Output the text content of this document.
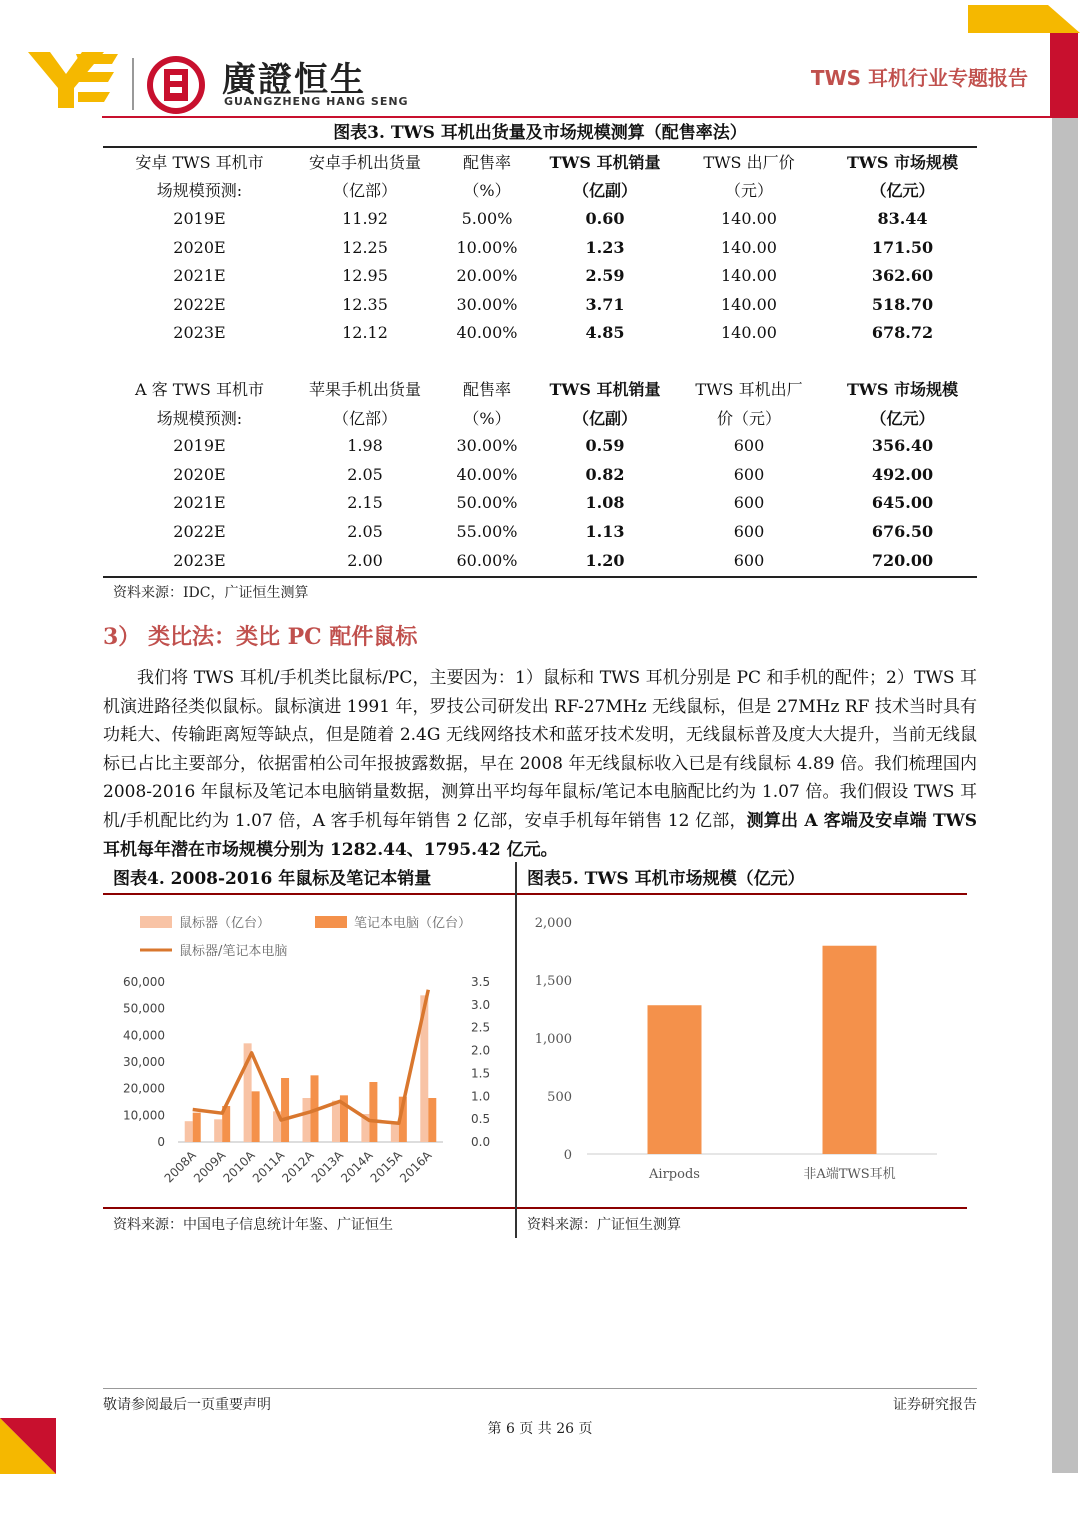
廣證恒生
GUANGZHENG HANG SENG
TWS 耳机行业专题报告
图表3. TWS 耳机出货量及市场规模测算（配售率法）
安卓 TWS 耳机市	安卓手机出货量	配售率	TWS 耳机销量	TWS 出厂价	TWS 市场规模
场规模预测:	（亿部）	（%）	（亿副）	（元）	（亿元）
2019E	11.92	5.00%	0.60	140.00	83.44
2020E	12.25	10.00%	1.23	140.00	171.50
2021E	12.95	20.00%	2.59	140.00	362.60
2022E	12.35	30.00%	3.71	140.00	518.70
2023E	12.12	40.00%	4.85	140.00	678.72

A 客 TWS 耳机市	苹果手机出货量	配售率	TWS 耳机销量	TWS 耳机出厂	TWS 市场规模
场规模预测:	（亿部）	（%）	（亿副）	价（元）	（亿元）
2019E	1.98	30.00%	0.59	600	356.40
2020E	2.05	40.00%	0.82	600	492.00
2021E	2.15	50.00%	1.08	600	645.00
2022E	2.05	55.00%	1.13	600	676.50
2023E	2.00	60.00%	1.20	600	720.00
资料来源：IDC，广证恒生测算
3） 类比法：类比 PC 配件鼠标

我们将 TWS 耳机/手机类比鼠标/PC，主要因为：1）鼠标和 TWS 耳机分别是 PC 和手机的配件；2）TWS 耳机演进路径类似鼠标。鼠标演进 1991 年，罗技公司研发出 RF-27MHz 无线鼠标，但是 27MHz RF 技术当时具有功耗大、传输距离短等缺点，但是随着 2.4G 无线网络技术和蓝牙技术发明，无线鼠标普及度大大提升，当前无线鼠标已占比主要部分，依据雷柏公司年报披露数据，早在 2008 年无线鼠标收入已是有线鼠标 4.89 倍。我们梳理国内 2008-2016 年鼠标及笔记本电脑销量数据，测算出平均每年鼠标/笔记本电脑配比约为 1.07 倍。我们假设 TWS 耳机/手机配比约为 1.07 倍，A 客手机每年销售 2 亿部，安卓手机每年销售 12 亿部，测算出 A 客端及安卓端 TWS 耳机每年潜在市场规模分别为 1282.44、1795.42 亿元。

图表4. 2008-2016 年鼠标及笔记本销量	图表5. TWS 耳机市场规模（亿元）
鼠标器（亿台）	笔记本电脑（亿台）
鼠标器/笔记本电脑
60,000
50,000
40,000
30,000
20,000
10,000
0
3.5
3.0
2.5
2.0
1.5
1.0
0.5
0.0
2008A
2009A
2010A
2011A
2012A
2013A
2014A
2015A
2016A
2,000
1,500
1,000
500
0
Airpods	非A端TWS耳机
资料来源：中国电子信息统计年鉴、广证恒生	资料来源：广证恒生测算
敬请参阅最后一页重要声明	证券研究报告
第 6 页 共 26 页
